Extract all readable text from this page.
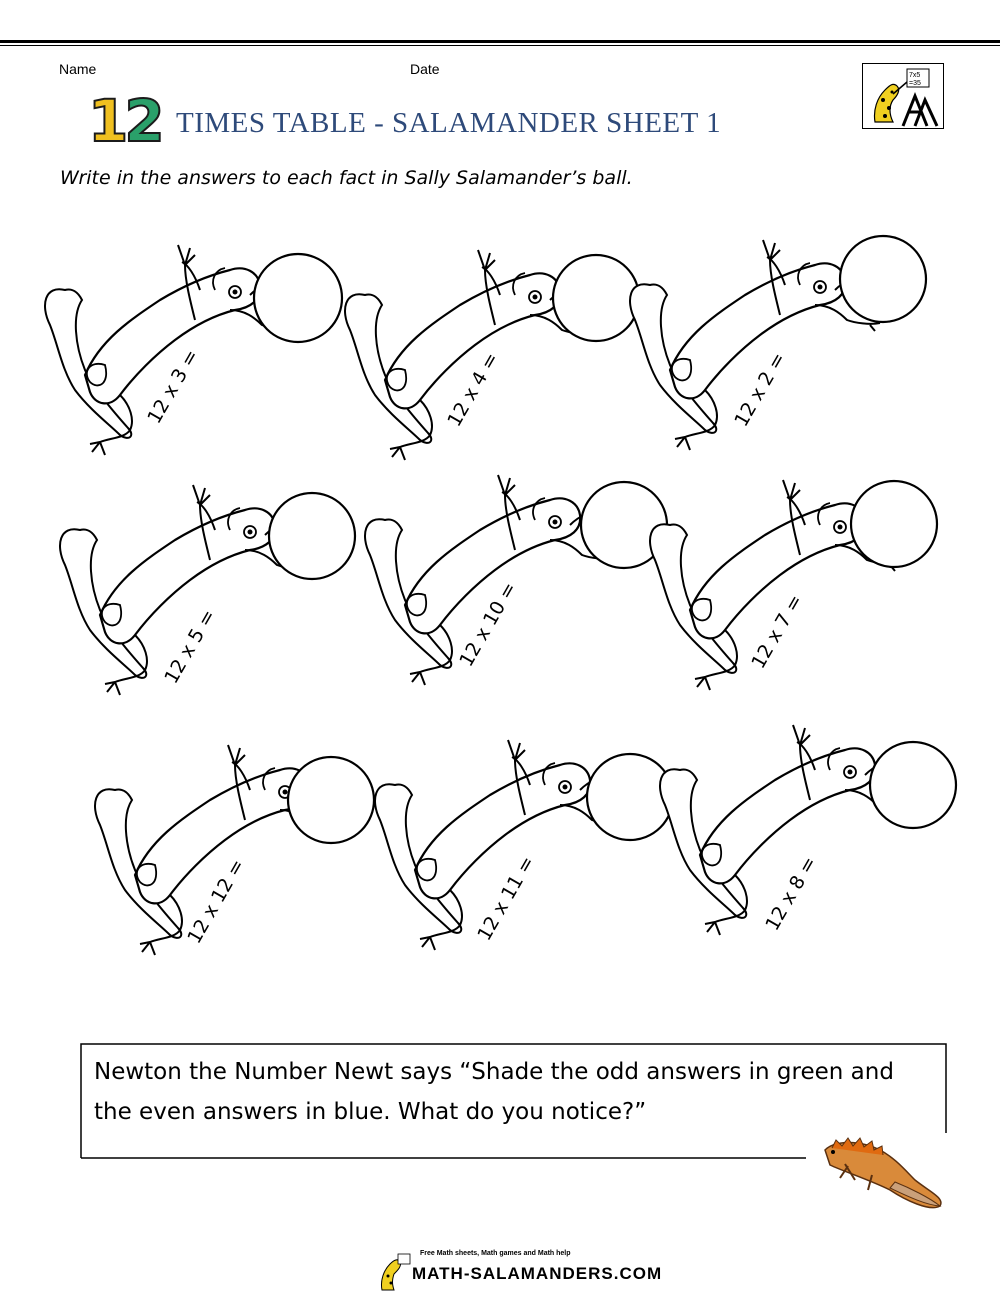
Name	Date
12 TIMES TABLE - SALAMANDER SHEET 1
Write in the answers to each fact in Sally Salamander’s ball.
7x5
=35
12 x 3 =	12 x 4 =	12 x 2 =
12 x 5 =	12 x 10 =	12 x 7 =
12 x 12 =	12 x 11 =	12 x 8 =
Newton the Number Newt says “Shade the odd answers in green and
the even answers in blue. What do you notice?”
Free Math sheets, Math games and Math help
MATH-SALAMANDERS.COM
